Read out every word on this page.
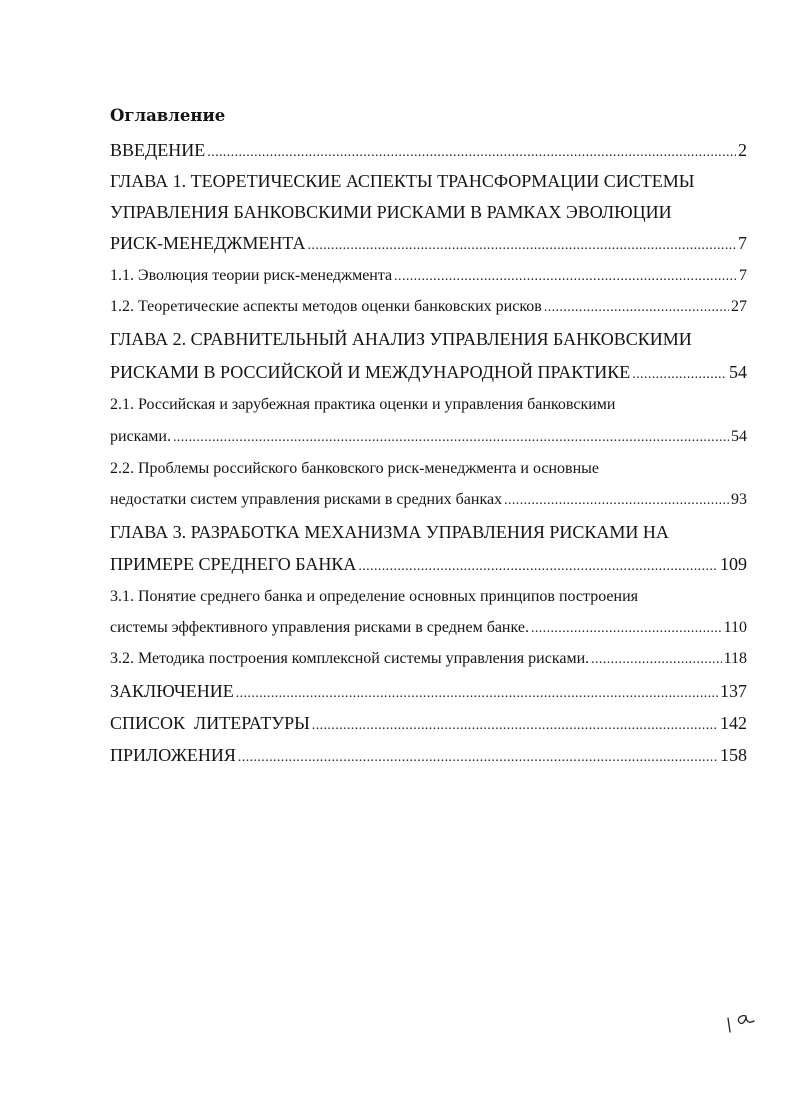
Оглавление
ВВЕДЕНИЕ .....	2
ГЛАВА 1. ТЕОРЕТИЧЕСКИЕ АСПЕКТЫ ТРАНСФОРМАЦИИ СИСТЕМЫ
УПРАВЛЕНИЯ БАНКОВСКИМИ РИСКАМИ В РАМКАХ ЭВОЛЮЦИИ
РИСК-МЕНЕДЖМЕНТА .....	7
1.1. Эволюция теории риск-менеджмента .....	7
1.2. Теоретические аспекты методов оценки банковских рисков .....	27
ГЛАВА 2. СРАВНИТЕЛЬНЫЙ АНАЛИЗ УПРАВЛЕНИЯ БАНКОВСКИМИ
РИСКАМИ В РОССИЙСКОЙ И МЕЖДУНАРОДНОЙ ПРАКТИКЕ .....	54
2.1. Российская и зарубежная практика оценки и управления банковскими
рисками. .....	54
2.2. Проблемы российского банковского риск-менеджмента и основные
недостатки систем управления рисками в средних банках .....	93
ГЛАВА 3. РАЗРАБОТКА МЕХАНИЗМА УПРАВЛЕНИЯ РИСКАМИ НА
ПРИМЕРЕ СРЕДНЕГО БАНКА .....	109
3.1. Понятие среднего банка и определение основных принципов построения
системы эффективного управления рисками в среднем банке. .....	110
3.2. Методика построения комплексной системы управления рисками. .....	118
ЗАКЛЮЧЕНИЕ .....	137
СПИСОК  ЛИТЕРАТУРЫ .....	142
ПРИЛОЖЕНИЯ .....	158
